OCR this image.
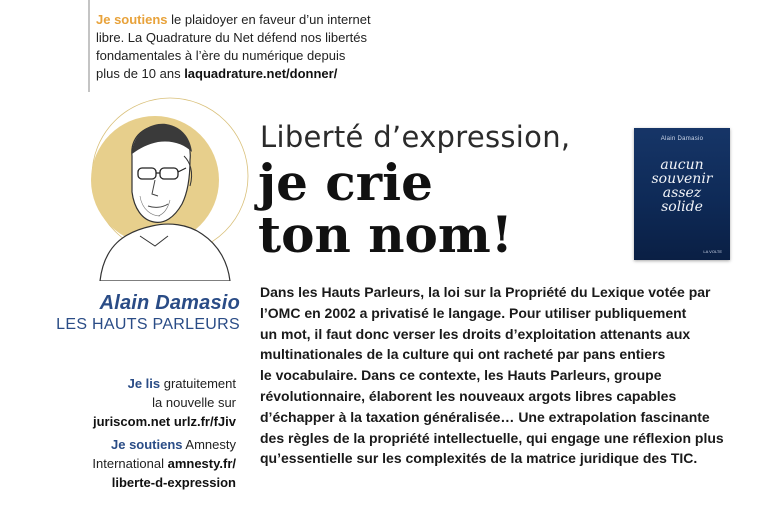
Je soutiens le plaidoyer en faveur d’un internet
libre. La Quadrature du Net défend nos libertés
fondamentales à l’ère du numérique depuis
plus de 10 ans laquadrature.net/donner/
Alain Damasio
LES HAUTS PARLEURS

Je lis gratuitement
la nouvelle sur
juriscom.net urlz.fr/fJiv

Je soutiens Amnesty
International amnesty.fr/
liberte-d-expression

Liberté d’expression,
je crie
ton nom!
Alain Damasio
aucun
souvenir
assez
solide
LA VOLTE
Dans les Hauts Parleurs, la loi sur la Propriété du Lexique votée par
l’OMC en 2002 a privatisé le langage. Pour utiliser publiquement
un mot, il faut donc verser les droits d’exploitation attenants aux
multinationales de la culture qui ont racheté par pans entiers
le vocabulaire. Dans ce contexte, les Hauts Parleurs, groupe
révolutionnaire, élaborent les nouveaux argots libres capables
d’échapper à la taxation généralisée… Une extrapolation fascinante
des règles de la propriété intellectuelle, qui engage une réflexion plus
qu’essentielle sur les complexités de la matrice juridique des TIC.
